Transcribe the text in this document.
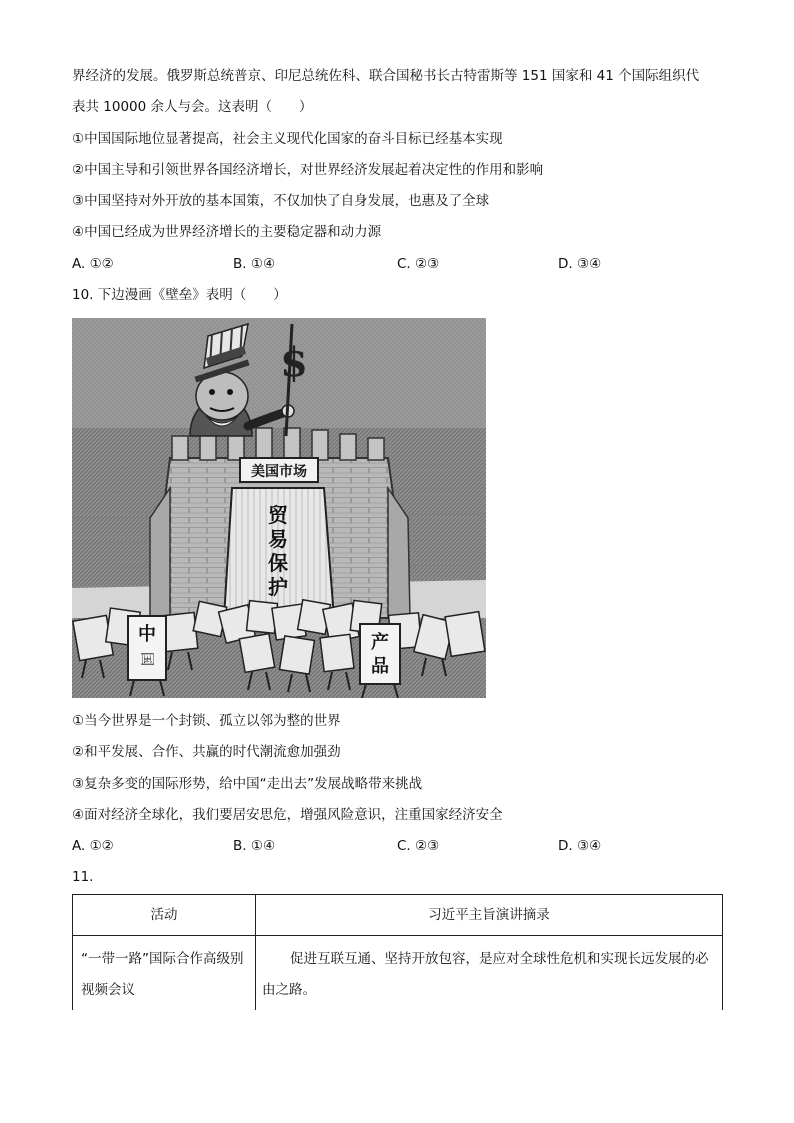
界经济的发展。俄罗斯总统普京、印尼总统佐科、联合国秘书长古特雷斯等 151 国家和 41 个国际组织代
表共 10000 余人与会。这表明（　　）
①中国国际地位显著提高，社会主义现代化国家的奋斗目标已经基本实现
②中国主导和引领世界各国经济增长，对世界经济发展起着决定性的作用和影响
③中国坚持对外开放的基本国策，不仅加快了自身发展，也惠及了全球
④中国已经成为世界经济增长的主要稳定器和动力源
A. ①②	B. ①④	C. ②③	D. ③④
10. 下边漫画《壁垒》表明（　　）
美国市场
贸
易
保
护
$
中
国
产
品
①当今世界是一个封锁、孤立以邻为整的世界
②和平发展、合作、共赢的时代潮流愈加强劲
③复杂多变的国际形势，给中国“走出去”发展战略带来挑战
④面对经济全球化，我们要居安思危，增强风险意识，注重国家经济安全
A. ①②	B. ①④	C. ②③	D. ③④
11.
活动	习近平主旨演讲摘录
“一带一路”国际合作高级别视频会议	促进互联互通、坚持开放包容，是应对全球性危机和实现长远发展的必由之路。
